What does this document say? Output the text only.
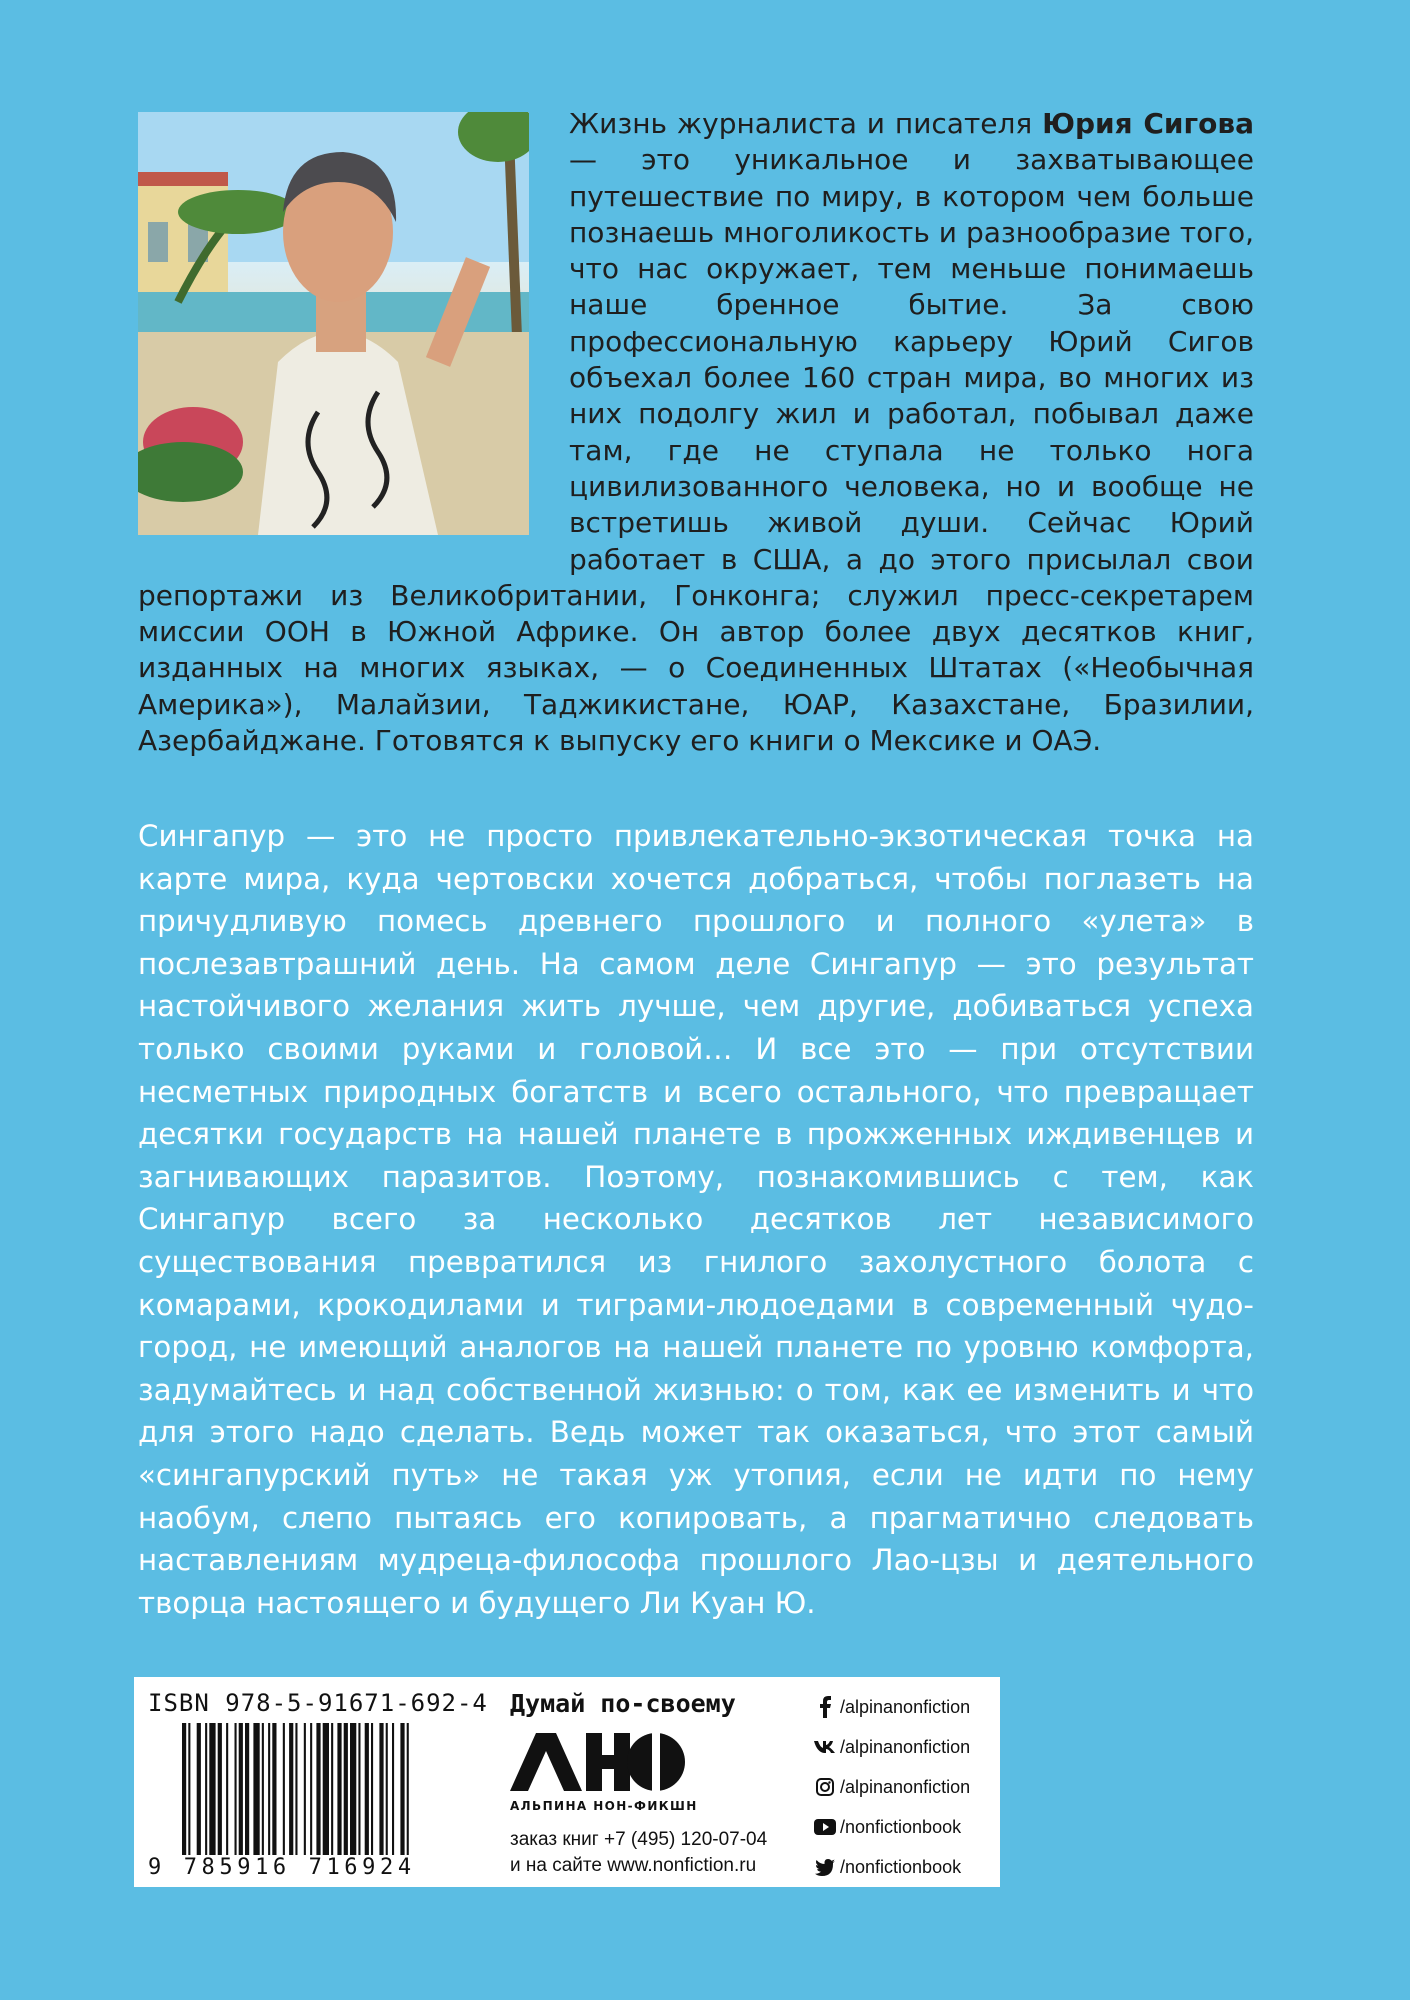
Жизнь журналиста и писателя Юрия Сигова — это уникальное и захватывающее путешествие по миру, в котором чем больше познаешь многоликость и разнообразие того, что нас окружает, тем меньше понимаешь наше бренное бытие. За свою профессиональную карьеру Юрий Сигов объехал более 160 стран мира, во многих из них подолгу жил и работал, побывал даже там, где не ступала не только нога цивилизованного человека, но и вообще не встретишь живой души. Сейчас Юрий работает в США, а до этого присылал свои репортажи из Великобритании, Гонконга; служил пресс-секретарем миссии ООН в Южной Африке. Он автор более двух десятков книг, изданных на многих языках, — о Соединенных Штатах («Необычная Америка»), Малайзии, Таджикистане, ЮАР, Казахстане, Бразилии, Азербайджане. Готовятся к выпуску его книги о Мексике и ОАЭ.
Сингапур — это не просто привлекательно-экзотическая точка на карте мира, куда чертовски хочется добраться, чтобы поглазеть на причудливую помесь древнего прошлого и полного «улета» в послезавтрашний день. На самом деле Сингапур — это результат настойчивого желания жить лучше, чем другие, добиваться успеха только своими руками и головой… И все это — при отсутствии несметных природных богатств и всего остального, что превращает десятки государств на нашей планете в прожженных иждивенцев и загнивающих паразитов. Поэтому, познакомившись с тем, как Сингапур всего за несколько десятков лет независимого существования превратился из гнилого захолустного болота с комарами, крокодилами и тиграми-людоедами в современный чудо-город, не имеющий аналогов на нашей планете по уровню комфорта, задумайтесь и над собственной жизнью: о том, как ее изменить и что для этого надо сделать. Ведь может так оказаться, что этот самый «сингапурский путь» не такая уж утопия, если не идти по нему наобум, слепо пытаясь его копировать, а прагматично следовать наставлениям мудреца-философа прошлого Лао-цзы и деятельного творца настоящего и будущего Ли Куан Ю.
ISBN 978-5-91671-692-4
9 785916 716924
Думай по-своему
АЛЬПИНА НОН-ФИКШН
заказ книг +7 (495) 120-07-04
и на сайте www.nonfiction.ru
/alpinanonfiction
/alpinanonfiction
/alpinanonfiction
/nonfictionbook
/nonfictionbook
